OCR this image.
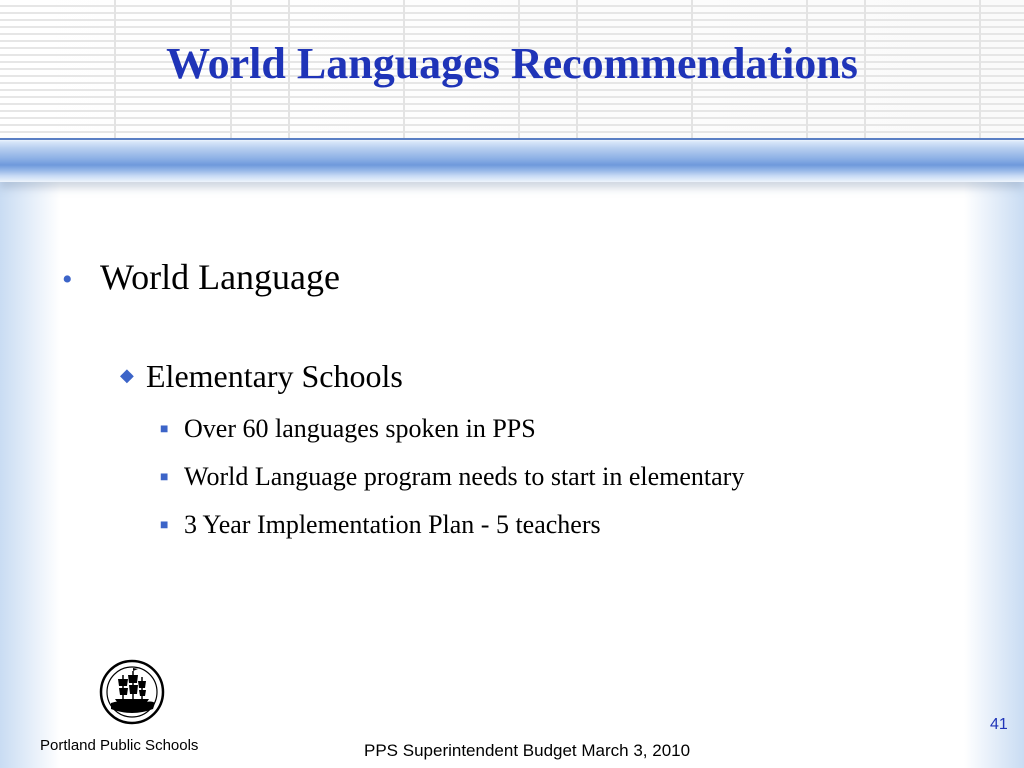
World Languages Recommendations
• World Language
◆ Elementary Schools
■ Over 60 languages spoken in PPS
■ World Language program needs to start in elementary
■ 3 Year Implementation Plan - 5 teachers
Portland Public Schools	PPS Superintendent Budget March 3, 2010
41
